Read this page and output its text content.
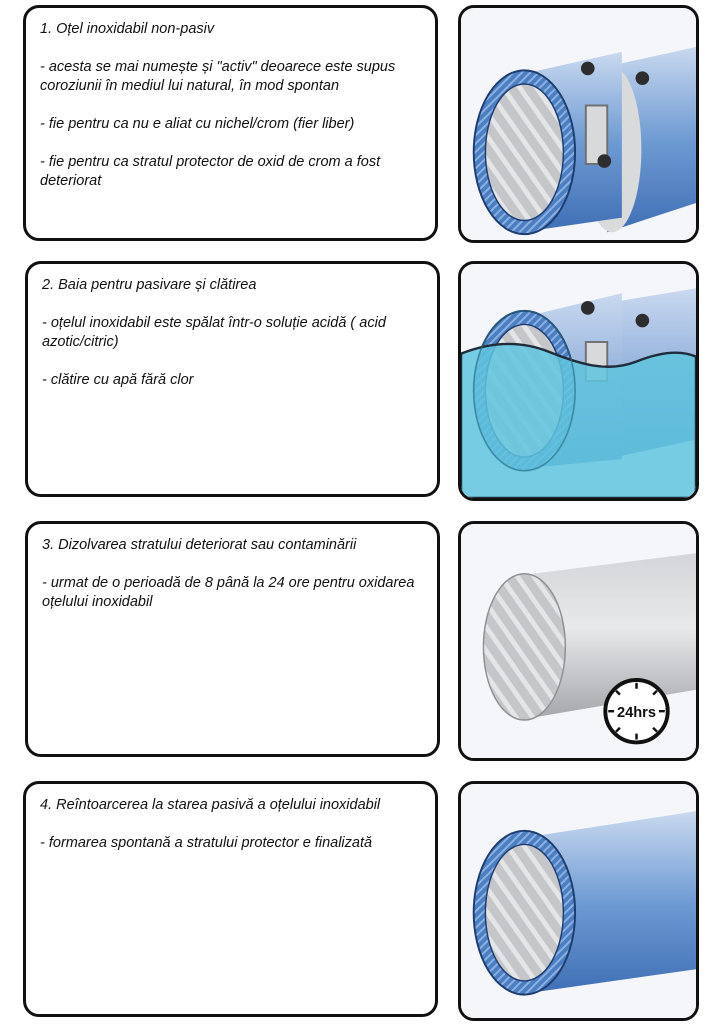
1. Oțel inoxidabil non-pasiv

- acesta se mai numește și "activ" deoarece este supus coroziunii în mediul lui natural, în mod spontan

- fie pentru ca nu e aliat cu nichel/crom (fier liber)

- fie pentru ca stratul protector de oxid de crom a fost deteriorat

2. Baia pentru pasivare și clătirea

- oțelul inoxidabil este spălat într-o soluție acidă ( acid azotic/citric)

- clătire cu apă fără clor

3. Dizolvarea stratului deteriorat sau contaminării

- urmat de o perioadă de 8 până la 24 ore pentru oxidarea oțelului inoxidabil

24hrs

4. Reîntoarcerea la starea pasivă a oțelului inoxidabil

- formarea spontană a stratului protector e finalizată
